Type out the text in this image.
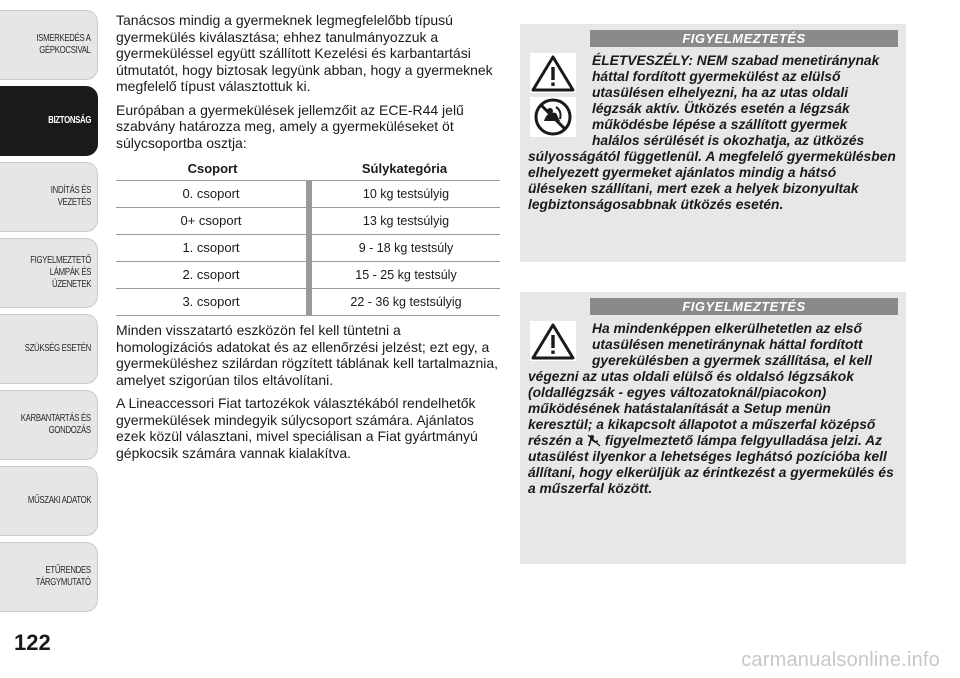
ISMERKEDÉS A
GÉPKOCSIVAL
BIZTONSÁG
INDÍTÁS ÉS VEZETÉS
FIGYELMEZTETŐ
LÁMPÁK ÉS
ÜZENETEK
SZÜKSÉG ESETÉN
KARBANTARTÁS ÉS
GONDOZÁS
MŰSZAKI ADATOK
ETŰRENDES
TÁRGYMUTATÓ
122

Tanácsos mindig a gyermeknek legmegfelelőbb típusú gyermekülés kiválasztása; ehhez tanulmányozzuk a gyermeküléssel együtt szállított Kezelési és karbantartási útmutatót, hogy biztosak legyünk abban, hogy a gyermeknek megfelelő típust választottuk ki.

Európában a gyermekülések jellemzőit az ECE-R44 jelű szabvány határozza meg, amely a gyermeküléseket öt súlycsoportba osztja:

Csoport	Súlykategória
0. csoport	10 kg testsúlyig
0+ csoport	13 kg testsúlyig
1. csoport	9 - 18 kg testsúly
2. csoport	15 - 25 kg testsúly
3. csoport	22 - 36 kg testsúlyig

Minden visszatartó eszközön fel kell tüntetni a homologizációs adatokat és az ellenőrzési jelzést; ezt egy, a gyermeküléshez szilárdan rögzített táblának kell tartalmaznia, amelyet szigorúan tilos eltávolítani.

A Lineaccessori Fiat tartozékok választékából rendelhetők gyermekülések mindegyik súlycsoport számára. Ajánlatos ezek közül választani, mivel speciálisan a Fiat gyártmányú gépkocsik számára vannak kialakítva.

FIGYELMEZTETÉS

ÉLETVESZÉLY: NEM szabad menetiránynak háttal fordított gyermekülést az elülső utasülésen elhelyezni, ha az utas oldali légzsák aktív. Ütközés esetén a légzsák működésbe lépése a szállított gyermek halálos sérülését is okozhatja, az ütközés súlyosságától függetlenül. A megfelelő gyermekülésben elhelyezett gyermeket ajánlatos mindig a hátsó üléseken szállítani, mert ezek a helyek bizonyultak legbiztonságosabbnak ütközés esetén.

FIGYELMEZTETÉS

Ha mindenképpen elkerülhetetlen az első utasülésen menetiránynak háttal fordított gyerekülésben a gyermek szállítása, el kell végezni az utas oldali elülső és oldalsó légzsákok (oldallégzsák - egyes változatoknál/piacokon) működésének hatástalanítását a Setup menün keresztül; a kikapcsolt állapotot a műszerfal középső részén a figyelmeztető lámpa felgyulladása jelzi. Az utasülést ilyenkor a lehetséges leghátsó pozícióba kell állítani, hogy elkerüljük az érintkezést a gyermekülés és a műszerfal között.

carmanualsonline.info
